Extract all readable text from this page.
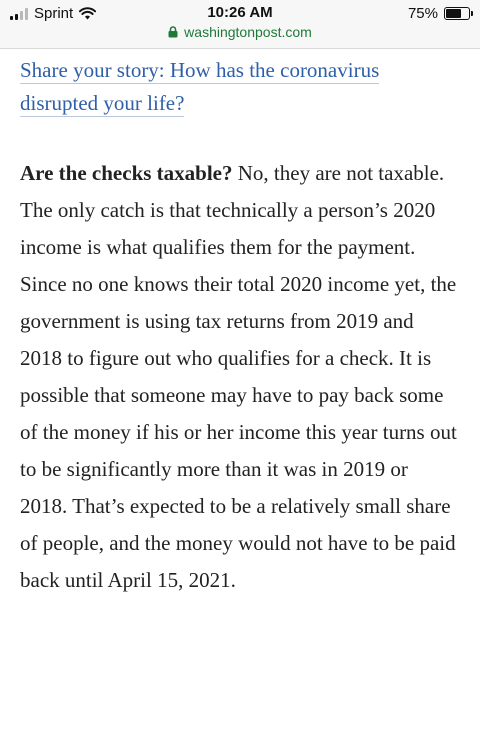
Sprint	10:26 AM
washingtonpost.com
75%
Share your story: How has the coronavirus disrupted your life?

Are the checks taxable? No, they are not taxable. The only catch is that technically a person’s 2020 income is what qualifies them for the payment. Since no one knows their total 2020 income yet, the government is using tax returns from 2019 and 2018 to figure out who qualifies for a check. It is possible that someone may have to pay back some of the money if his or her income this year turns out to be significantly more than it was in 2019 or 2018. That’s expected to be a relatively small share of people, and the money would not have to be paid back until April 15, 2021.
